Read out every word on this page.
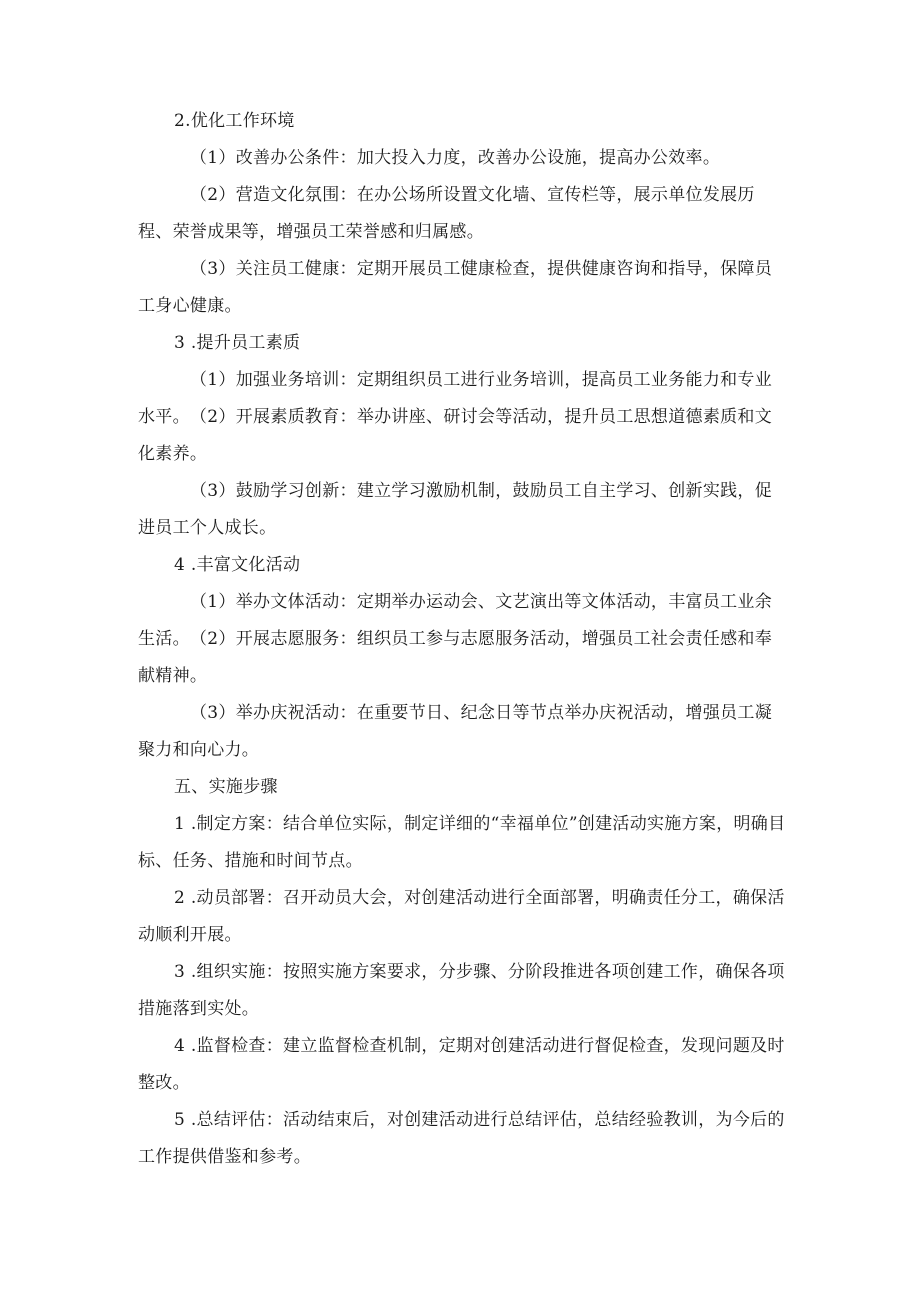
2.优化工作环境

（1）改善办公条件：加大投入力度，改善办公设施，提高办公效率。

（2）营造文化氛围：在办公场所设置文化墙、宣传栏等，展示单位发展历程、荣誉成果等，增强员工荣誉感和归属感。

（3）关注员工健康：定期开展员工健康检查，提供健康咨询和指导，保障员工身心健康。

3 .提升员工素质

（1）加强业务培训：定期组织员工进行业务培训，提高员工业务能力和专业水平。 （2）开展素质教育：举办讲座、研讨会等活动，提升员工思想道德素质和文化素养。

（3）鼓励学习创新：建立学习激励机制，鼓励员工自主学习、创新实践，促进员工个人成长。

4 .丰富文化活动

（1）举办文体活动：定期举办运动会、文艺演出等文体活动，丰富员工业余生活。 （2）开展志愿服务：组织员工参与志愿服务活动，增强员工社会责任感和奉献精神。

（3）举办庆祝活动：在重要节日、纪念日等节点举办庆祝活动，增强员工凝聚力和向心力。

五、实施步骤

1 .制定方案：结合单位实际，制定详细的“幸福单位”创建活动实施方案，明确目标、任务、措施和时间节点。

2 .动员部署：召开动员大会，对创建活动进行全面部署，明确责任分工，确保活动顺利开展。

3 .组织实施：按照实施方案要求，分步骤、分阶段推进各项创建工作，确保各项措施落到实处。

4 .监督检查：建立监督检查机制，定期对创建活动进行督促检查，发现问题及时整改。

5 .总结评估：活动结束后，对创建活动进行总结评估，总结经验教训，为今后的工作提供借鉴和参考。
